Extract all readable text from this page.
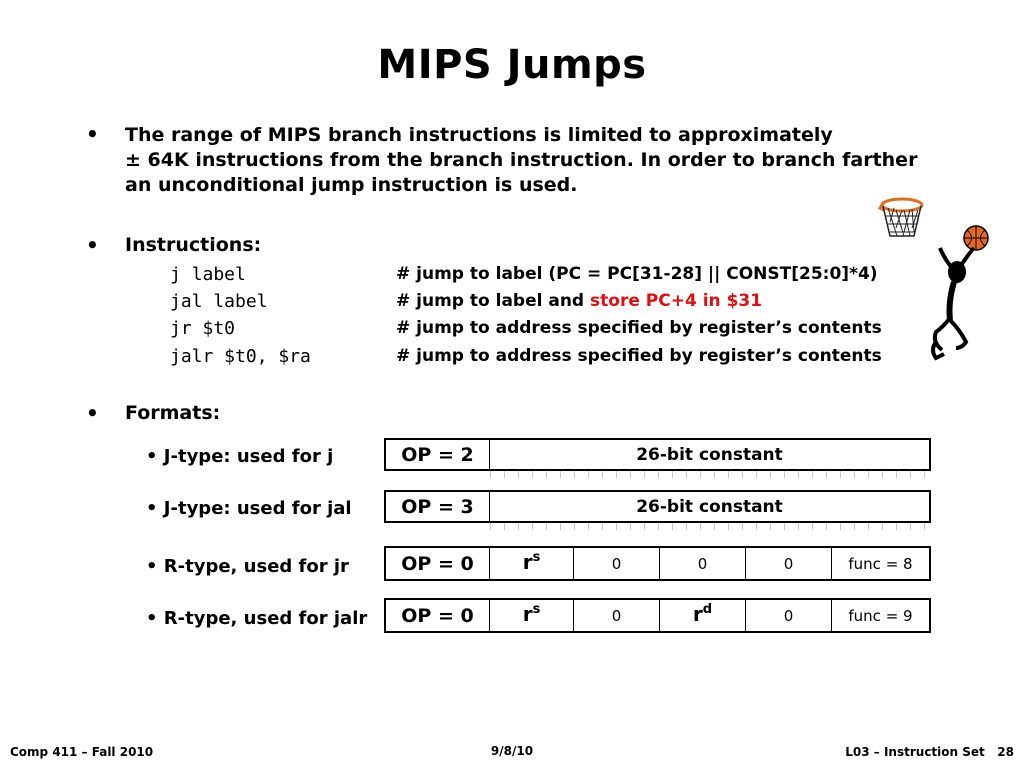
MIPS Jumps
• The range of MIPS branch instructions is limited to approximately
± 64K instructions from the branch instruction. In order to branch farther
an unconditional jump instruction is used.
• Instructions:
j label	# jump to label (PC = PC[31-28] || CONST[25:0]*4)
jal label	# jump to label and store PC+4 in $31
jr $t0	# jump to address specified by register’s contents
jalr $t0, $ra	# jump to address specified by register’s contents
• Formats:
• J-type: used for j	OP = 2	26-bit constant
• J-type: used for jal	OP = 3	26-bit constant
• R-type, used for jr	OP = 0	$r^s$	0	0	0	func = 8
• R-type, used for jalr	OP = 0	$r^s$	0	$r^d$	0	func = 9
Comp 411 – Fall 2010	9/8/10	L03 – Instruction Set   28
